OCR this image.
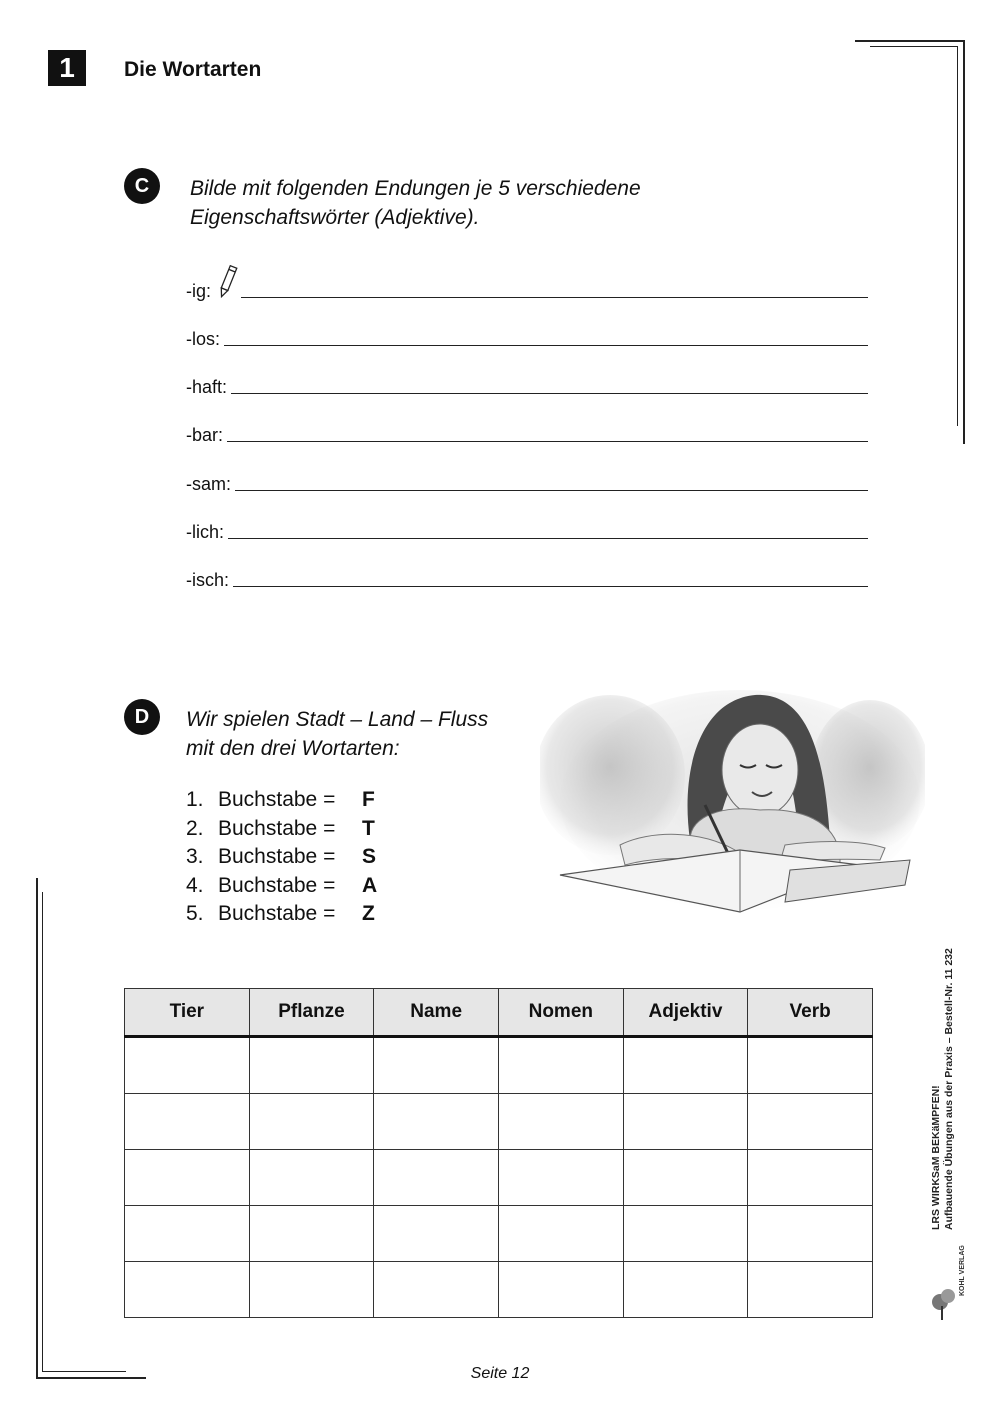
1	Die Wortarten
C	Bilde mit folgenden Endungen je 5 verschiedene
Eigenschaftswörter (Adjektive).
-ig:
-los:
-haft:
-bar:
-sam:
-lich:
-isch:
D	Wir spielen Stadt – Land – Fluss
mit den drei Wortarten:
1. Buchstabe =	F
2. Buchstabe =	T
3. Buchstabe =	S
4. Buchstabe =	A
5. Buchstabe =	Z
Tier	Pflanze	Name	Nomen	Adjektiv	Verb

LRS WIRKSaM BEKäMPFEN! Aufbauende Übungen aus der Praxis – Bestell-Nr. 11 232
KOHL VERLAG
Seite 12
